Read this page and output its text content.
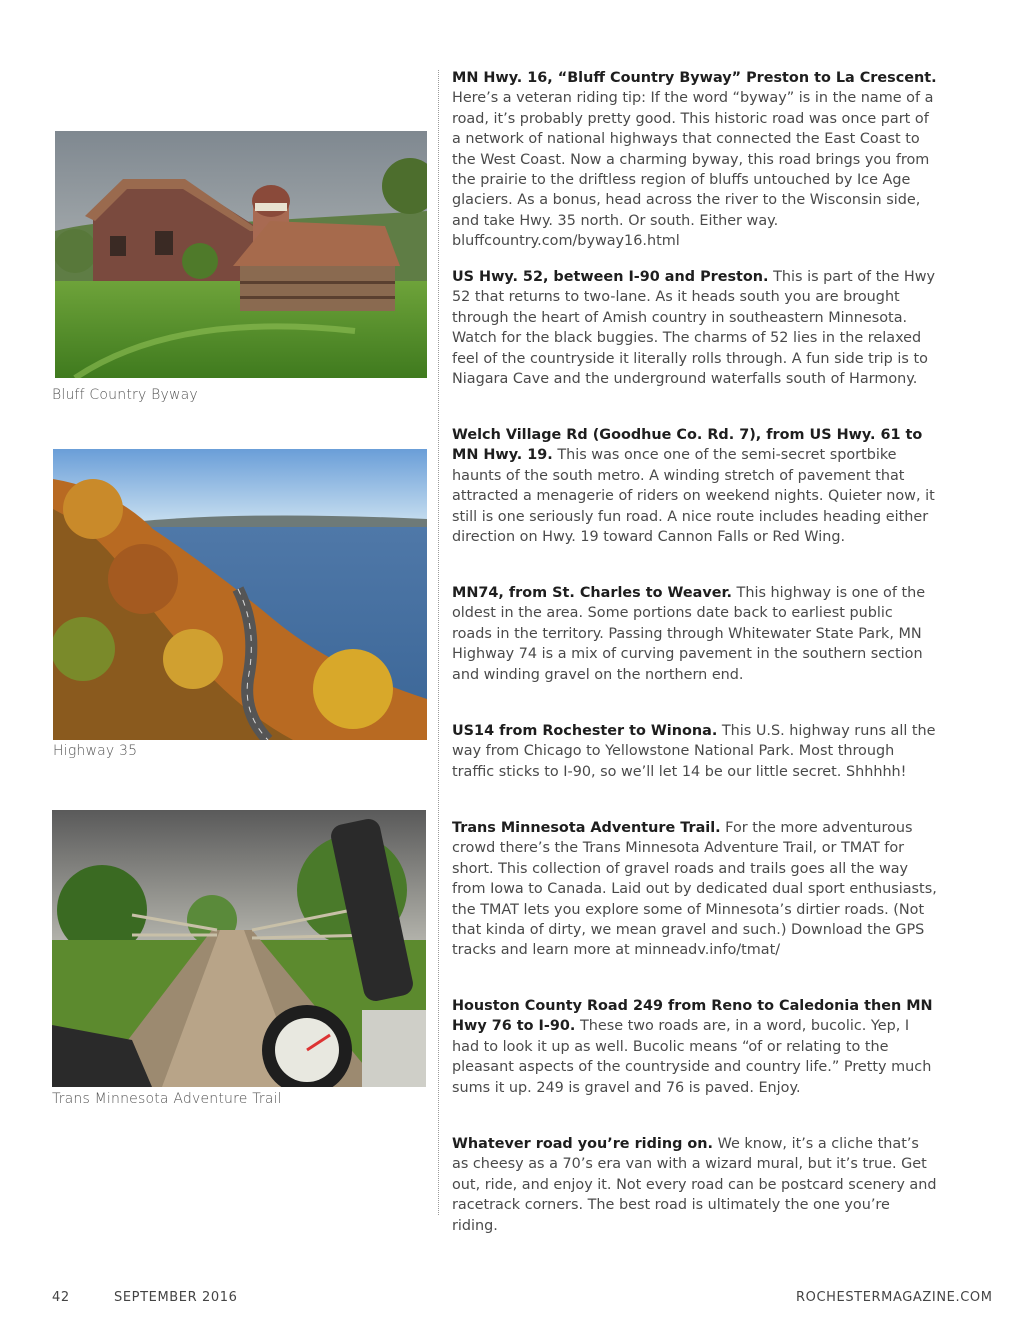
Bluff Country Byway
Highway 35
Trans Minnesota Adventure Trail
MN Hwy. 16, “Bluff Country Byway” Preston to La Crescent. Here’s a veteran riding tip: If the word “byway” is in the name of a road, it’s probably pretty good. This historic road was once part of a network of national highways that connected the East Coast to the West Coast. Now a charming byway, this road brings you from the prairie to the driftless region of bluffs untouched by Ice Age glaciers. As a bonus, head across the river to the Wisconsin side, and take Hwy. 35 north. Or south. Either way. bluffcountry.com/byway16.html
US Hwy. 52, between I-90 and Preston. This is part of the Hwy 52 that returns to two-lane. As it heads south you are brought through the heart of Amish country in southeastern Minnesota. Watch for the black buggies. The charms of 52 lies in the relaxed feel of the countryside it literally rolls through. A fun side trip is to Niagara Cave and the underground waterfalls south of Harmony.
Welch Village Rd (Goodhue Co. Rd. 7), from US Hwy. 61 to MN Hwy. 19. This was once one of the semi-secret sportbike haunts of the south metro. A winding stretch of pavement that attracted a menagerie of riders on weekend nights. Quieter now, it still is one seriously fun road. A nice route includes heading either direction on Hwy. 19 toward Cannon Falls or Red Wing.
MN74, from St. Charles to Weaver. This highway is one of the oldest in the area. Some portions date back to earliest public roads in the territory. Passing through Whitewater State Park, MN Highway 74 is a mix of curving pavement in the southern section and winding gravel on the northern end.
US14 from Rochester to Winona. This U.S. highway runs all the way from Chicago to Yellowstone National Park. Most through traffic sticks to I-90, so we’ll let 14 be our little secret. Shhhhh!
Trans Minnesota Adventure Trail. For the more adventurous crowd there’s the Trans Minnesota Adventure Trail, or TMAT for short. This collection of gravel roads and trails goes all the way from Iowa to Canada. Laid out by dedicated dual sport enthusiasts, the TMAT lets you explore some of Minnesota’s dirtier roads. (Not that kinda of dirty, we mean gravel and such.) Download the GPS tracks and learn more at minneadv.info/tmat/
Houston County Road 249 from Reno to Caledonia then MN Hwy 76 to I-90. These two roads are, in a word, bucolic. Yep, I had to look it up as well. Bucolic means “of or relating to the pleasant aspects of the countryside and country life.” Pretty much sums it up. 249 is gravel and 76 is paved. Enjoy.
Whatever road you’re riding on. We know, it’s a cliche that’s as cheesy as a 70’s era van with a wizard mural, but it’s true. Get out, ride, and enjoy it. Not every road can be postcard scenery and racetrack corners. The best road is ultimately the one you’re riding.
42	SEPTEMBER 2016	ROCHESTERMAGAZINE.COM
